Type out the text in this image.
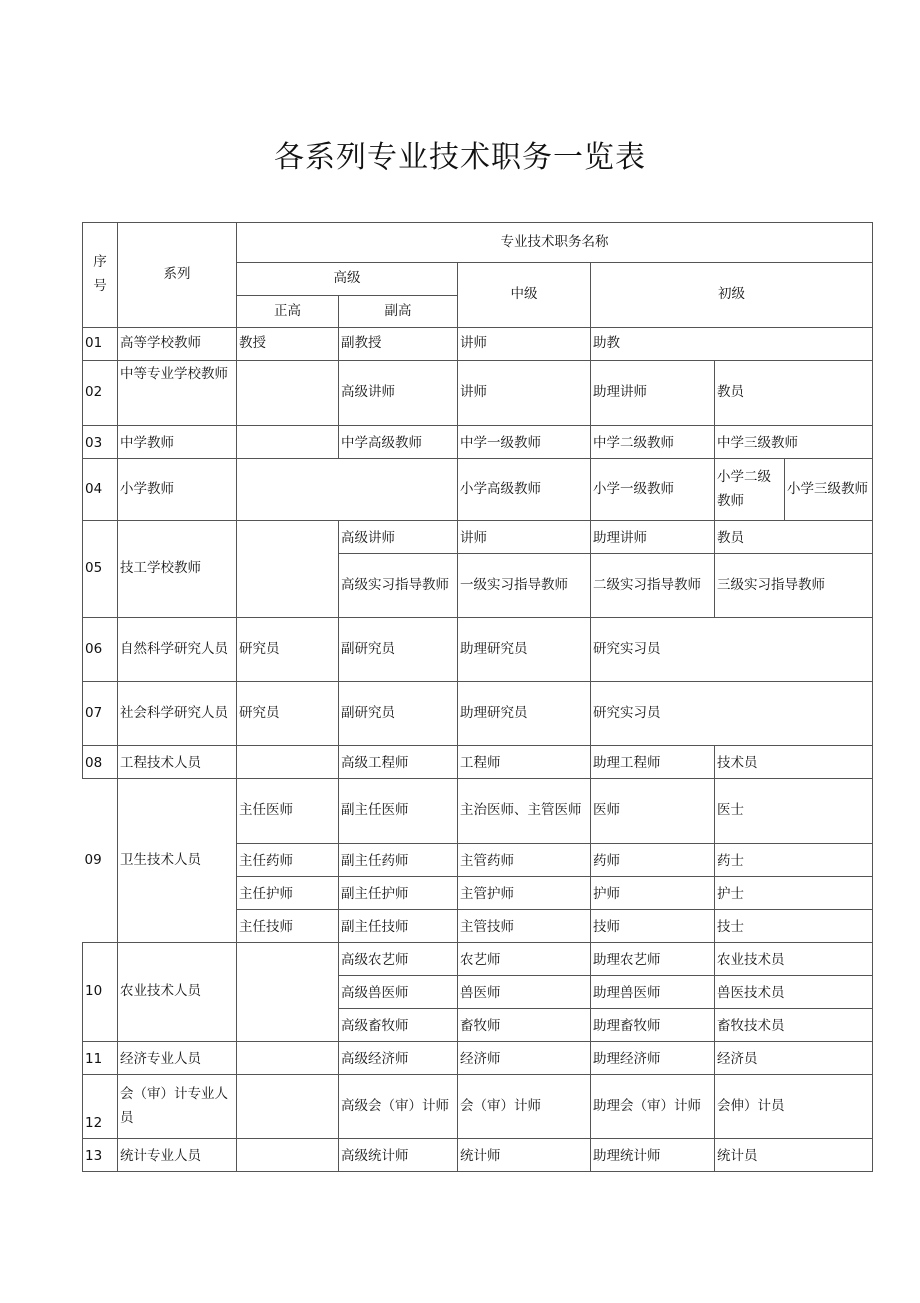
各系列专业技术职务一览表
序
号	系列	专业技术职务名称					
		高级		中级	初级		
		正高	副高				
01	高等学校教师	教授	副教授	讲师	助教		
02	中等专业学校教师		高级讲师	讲师	助理讲师	教员	
03	中学教师		中学高级教师	中学一级教师	中学二级教师	中学三级教师	
04	小学教师			小学高级教师	小学一级教师	小学二级教师	小学三级教师
05	技工学校教师		高级讲师	讲师	助理讲师	教员	
			高级实习指导教师	一级实习指导教师	二级实习指导教师	三级实习指导教师	
06	自然科学研究人员	研究员	副研究员	助理研究员	研究实习员		
07	社会科学研究人员	研究员	副研究员	助理研究员	研究实习员		
08	工程技术人员		高级工程师	工程师	助理工程师	技术员	
09	卫生技术人员	主任医师	副主任医师	主治医师、主管医师	医师	医士	
		主任药师	副主任药师	主管药师	药师	药士	
		主任护师	副主任护师	主管护师	护师	护士	
		主任技师	副主任技师	主管技师	技师	技士	
10	农业技术人员		高级农艺师	农艺师	助理农艺师	农业技术员	
			高级兽医师	兽医师	助理兽医师	兽医技术员	
			高级畜牧师	畜牧师	助理畜牧师	畜牧技术员	
11	经济专业人员		高级经济师	经济师	助理经济师	经济员	
12	会（审）计专业人员		高级会（审）计师	会（审）计师	助理会（审）计师	会伸）计员	
13	统计专业人员		高级统计师	统计师	助理统计师	统计员	
